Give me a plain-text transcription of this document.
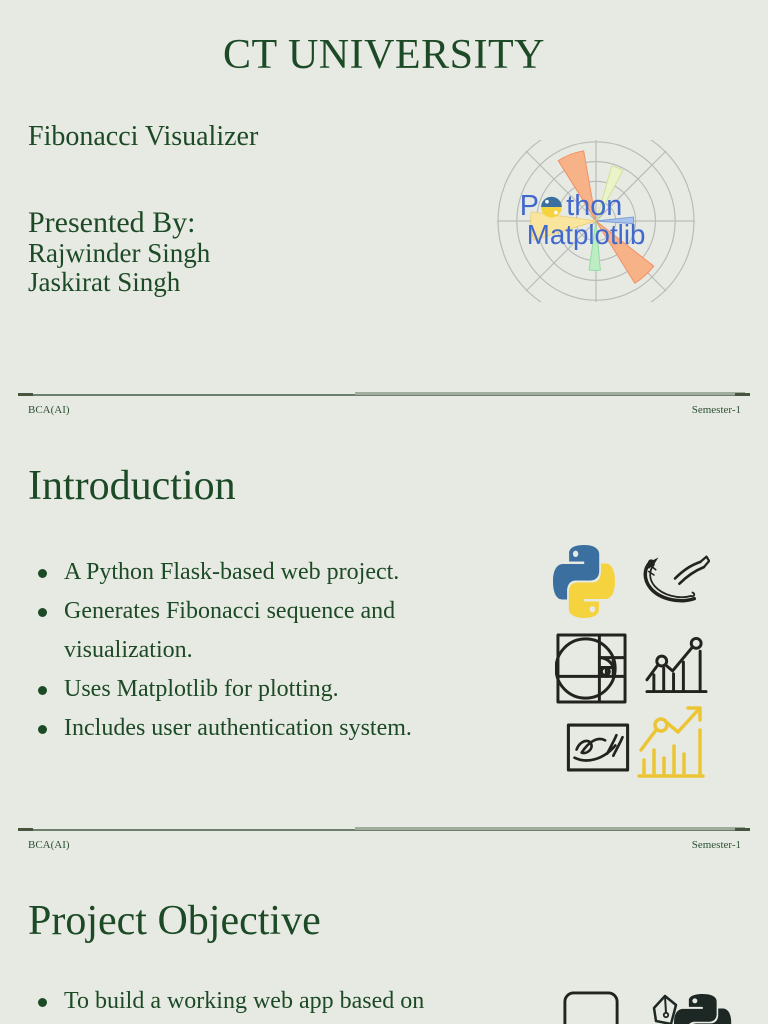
CT UNIVERSITY
Fibonacci Visualizer
Presented By:
Rajwinder Singh
Jaskirat Singh
P thon
Matplotlib
BCA(AI)	Semester-1
Introduction
A Python Flask-based web project.
Generates Fibonacci sequence and visualization.
Uses Matplotlib for plotting.
Includes user authentication system.
BCA(AI)	Semester-1
Project Objective
To build a working web app based on
